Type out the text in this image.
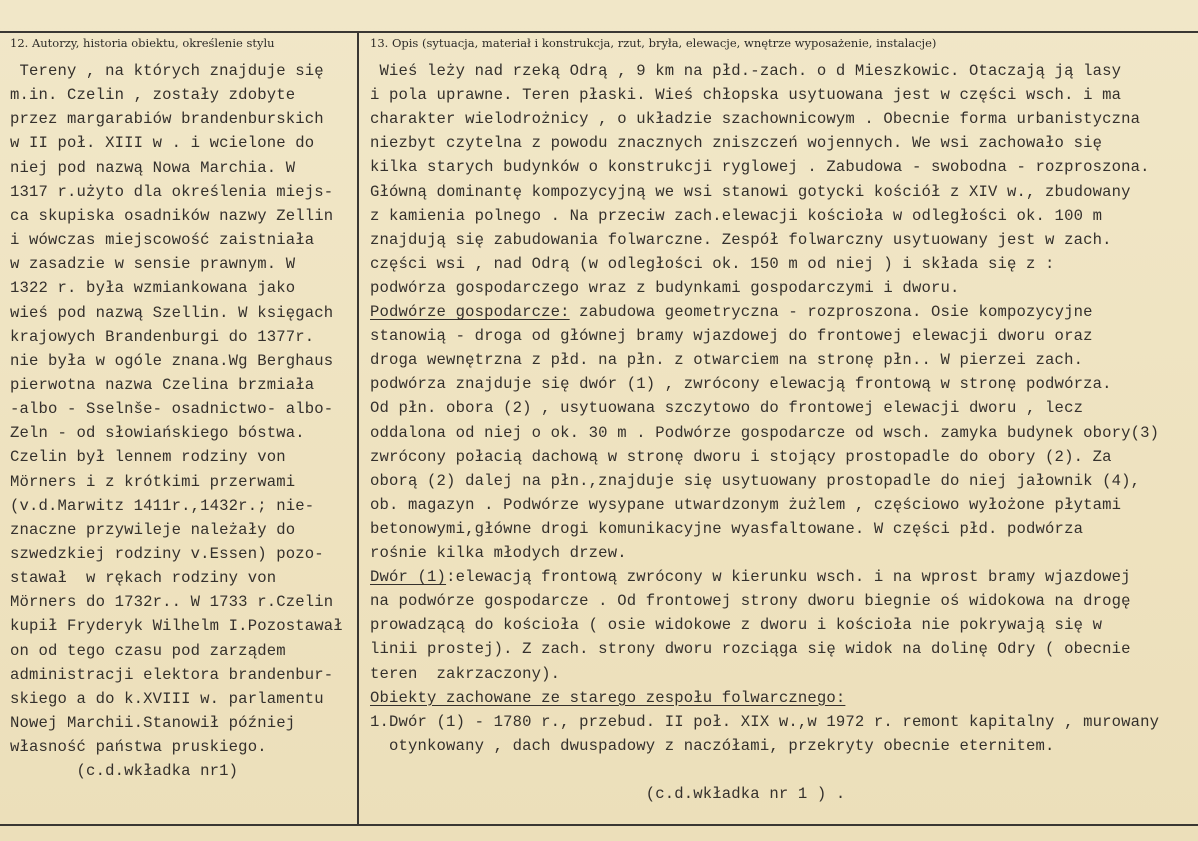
12. Autorzy, historia obiektu, określenie stylu	13. Opis (sytuacja, materiał i konstrukcja, rzut, bryła, elewacje, wnętrze wyposażenie, instalacje)
Tereny , na których znajduje się
m.in. Czelin , zostały zdobyte
przez margarabiów brandenburskich
w II poł. XIII w . i wcielone do
niej pod nazwą Nowa Marchia. W
1317 r.użyto dla określenia miejs-
ca skupiska osadników nazwy Zellin
i wówczas miejscowość zaistniała
w zasadzie w sensie prawnym. W
1322 r. była wzmiankowana jako
wieś pod nazwą Szellin. W księgach
krajowych Brandenburgi do 1377r.
nie była w ogóle znana.Wg Berghaus
pierwotna nazwa Czelina brzmiała
-albo - Sselnše- osadnictwo- albo-
Zeln - od słowiańskiego bóstwa.
Czelin był lennem rodziny von
Mörners i z krótkimi przerwami
(v.d.Marwitz 1411r.,1432r.; nie-
znaczne przywileje należały do
szwedzkiej rodziny v.Essen) pozo-
stawał  w rękach rodziny von
Mörners do 1732r.. W 1733 r.Czelin
kupił Fryderyk Wilhelm I.Pozostawał
on od tego czasu pod zarządem
administracji elektora brandenbur-
skiego a do k.XVIII w. parlamentu
Nowej Marchii.Stanowił później
własność państwa pruskiego.
(c.d.wkładka nr1)
Wieś leży nad rzeką Odrą , 9 km na płd.-zach. o d Mieszkowic. Otaczają ją lasy
i pola uprawne. Teren płaski. Wieś chłopska usytuowana jest w części wsch. i ma
charakter wielodrożnicy , o układzie szachownicowym . Obecnie forma urbanistyczna
niezbyt czytelna z powodu znacznych zniszczeń wojennych. We wsi zachowało się
kilka starych budynków o konstrukcji ryglowej . Zabudowa - swobodna - rozproszona.
Główną dominantę kompozycyjną we wsi stanowi gotycki kościół z XIV w., zbudowany
z kamienia polnego . Na przeciw zach.elewacji kościoła w odległości ok. 100 m
znajdują się zabudowania folwarczne. Zespół folwarczny usytuowany jest w zach.
części wsi , nad Odrą (w odległości ok. 150 m od niej ) i składa się z :
podwórza gospodarczego wraz z budynkami gospodarczymi i dworu.
Podwórze gospodarcze: zabudowa geometryczna - rozproszona. Osie kompozycyjne
stanowią - droga od głównej bramy wjazdowej do frontowej elewacji dworu oraz
droga wewnętrzna z płd. na płn. z otwarciem na stronę płn.. W pierzei zach.
podwórza znajduje się dwór (1) , zwrócony elewacją frontową w stronę podwórza.
Od płn. obora (2) , usytuowana szczytowo do frontowej elewacji dworu , lecz
oddalona od niej o ok. 30 m . Podwórze gospodarcze od wsch. zamyka budynek obory(3)
zwrócony połacią dachową w stronę dworu i stojący prostopadle do obory (2). Za
oborą (2) dalej na płn.,znajduje się usytuowany prostopadle do niej jałownik (4),
ob. magazyn . Podwórze wysypane utwardzonym żużlem , częściowo wyłożone płytami
betonowymi,główne drogi komunikacyjne wyasfaltowane. W części płd. podwórza
rośnie kilka młodych drzew.
Dwór (1):elewacją frontową zwrócony w kierunku wsch. i na wprost bramy wjazdowej
na podwórze gospodarcze . Od frontowej strony dworu biegnie oś widokowa na drogę
prowadzącą do kościoła ( osie widokowe z dworu i kościoła nie pokrywają się w
linii prostej). Z zach. strony dworu rozciąga się widok na dolinę Odry ( obecnie
teren  zakrzaczony).
Obiekty zachowane ze starego zespołu folwarcznego:
1.Dwór (1) - 1780 r., przebud. II poł. XIX w.,w 1972 r. remont kapitalny , murowany
otynkowany , dach dwuspadowy z naczółami, przekryty obecnie eternitem.
(c.d.wkładka nr 1 ) .
